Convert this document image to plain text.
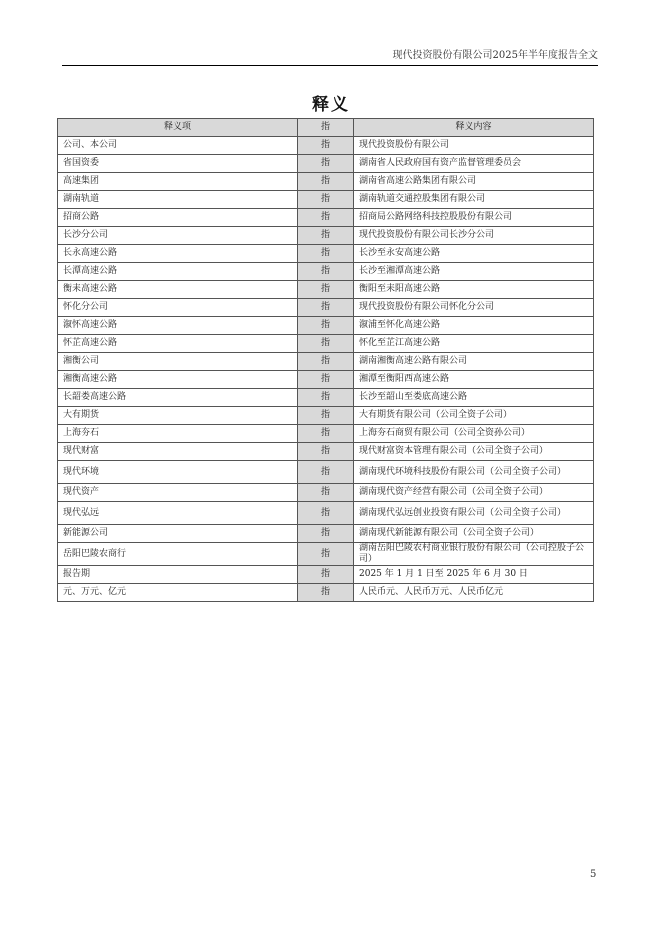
现代投资股份有限公司2025年半年度报告全文
释义
释义项	指	释义内容
公司、本公司	指	现代投资股份有限公司
省国资委	指	湖南省人民政府国有资产监督管理委员会
高速集团	指	湖南省高速公路集团有限公司
湖南轨道	指	湖南轨道交通控股集团有限公司
招商公路	指	招商局公路网络科技控股股份有限公司
长沙分公司	指	现代投资股份有限公司长沙分公司
长永高速公路	指	长沙至永安高速公路
长潭高速公路	指	长沙至湘潭高速公路
衡耒高速公路	指	衡阳至耒阳高速公路
怀化分公司	指	现代投资股份有限公司怀化分公司
溆怀高速公路	指	溆浦至怀化高速公路
怀芷高速公路	指	怀化至芷江高速公路
湘衡公司	指	湖南湘衡高速公路有限公司
湘衡高速公路	指	湘潭至衡阳西高速公路
长韶娄高速公路	指	长沙至韶山至娄底高速公路
大有期货	指	大有期货有限公司（公司全资子公司）
上海夯石	指	上海夯石商贸有限公司（公司全资孙公司）
现代财富	指	现代财富资本管理有限公司（公司全资子公司）
现代环境	指	湖南现代环境科技股份有限公司（公司全资子公司）
现代资产	指	湖南现代资产经营有限公司（公司全资子公司）
现代弘远	指	湖南现代弘远创业投资有限公司（公司全资子公司）
新能源公司	指	湖南现代新能源有限公司（公司全资子公司）
岳阳巴陵农商行	指	湖南岳阳巴陵农村商业银行股份有限公司（公司控股子公司）
报告期	指	2025 年 1 月 1 日至 2025 年 6 月 30 日
元、万元、亿元	指	人民币元、人民币万元、人民币亿元
5
